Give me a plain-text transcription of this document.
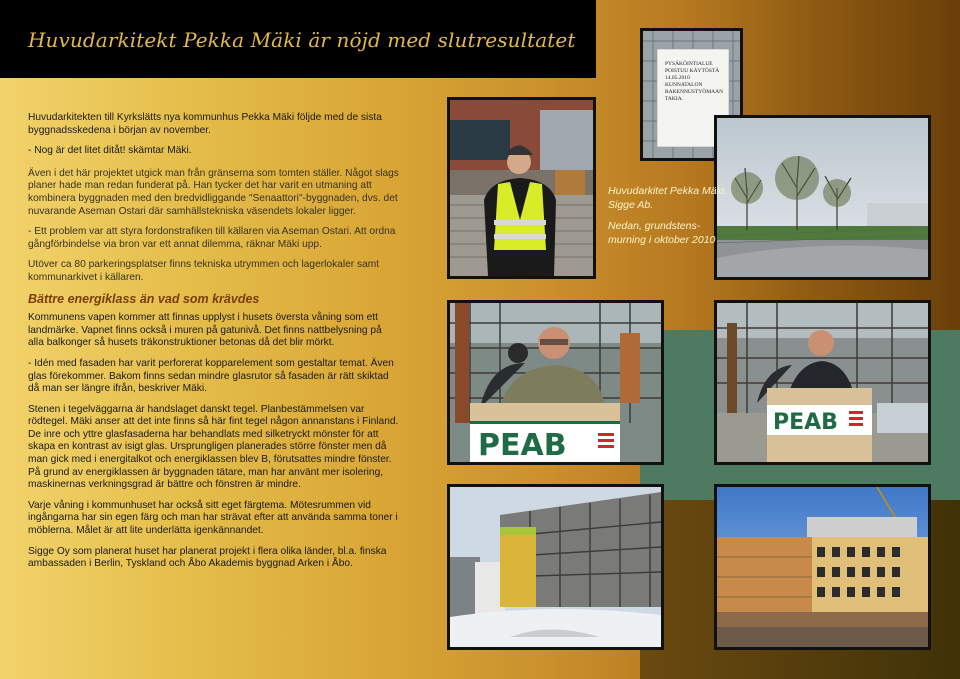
Huvudarkitekt Pekka Mäki är nöjd med slutresultatet

Huvudarkitekten till Kyrkslätts nya kommunhus Pekka Mäki följde med de sista byggnadsskedena i början av november.

- Nog är det litet ditåt! skämtar Mäki.

Även i det här projektet utgick man från gränserna som tomten ställer. Något slags planer hade man redan funderat på. Han tycker det har varit en utmaning att kombinera byggnaden med den bredvidliggande "Senaattori"-byggnaden, dvs. det nuvarande Aseman Ostari där samhällstekniska väsendets lokaler ligger.

- Ett problem var att styra fordonstrafiken till källaren via Aseman Ostari. Att ordna gångförbindelse via bron var ett annat dilemma, räknar Mäki upp.

Utöver ca 80 parkeringsplatser finns tekniska utrymmen och lagerlokaler samt kommunarkivet i källaren.

Bättre energiklass än vad som krävdes

Kommunens vapen kommer att finnas upplyst i husets översta våning som ett landmärke. Vapnet finns också i muren på gatunivå. Det finns nattbelysning på alla balkonger så husets träkonstruktioner betonas då det blir mörkt.

- Idén med fasaden har varit perforerat kopparelement som gestaltar temat. Även glas förekommer. Bakom finns sedan mindre glasrutor så fasaden är rätt skiktad då man ser längre ifrån, beskriver Mäki.

Stenen i tegelväggarna är handslaget danskt tegel. Planbestämmelsen var rödtegel. Mäki anser att det inte finns så här fint tegel någon annanstans i Finland. De inre och yttre glasfasaderna har behandlats med silketryckt mönster för att skapa en kontrast av isigt glas. Ursprungligen planerades större fönster men då man gick med i energitalkot och energiklassen blev B, förutsattes mindre fönster. På grund av energiklassen är byggnaden tätare, man har använt mer isolering, maskinernas verkningsgrad är bättre och fönstren är mindre.

Varje våning i kommunhuset har också sitt eget färgtema. Mötesrummen vid ingångarna har sin egen färg och man har strävat efter att använda samma toner i möblerna. Målet är att lite underlätta igenkännandet.

Sigge Oy som planerat huset har planerat projekt i flera olika länder, bl.a. finska ambassaden i Berlin, Tyskland och Åbo Akademis byggnad Arken i Åbo.

PYSÄKÖINTIALUE
POISTUU KÄYTÖSTÄ
14.05.2010
KUNNATALON
RAKENNUSTYÖMAAN
TAKIA.

Huvudarkitet Pekka Mäki, Sigge Ab.

Nedan, grundstens-murning i oktober 2010

PEAB
PEAB
